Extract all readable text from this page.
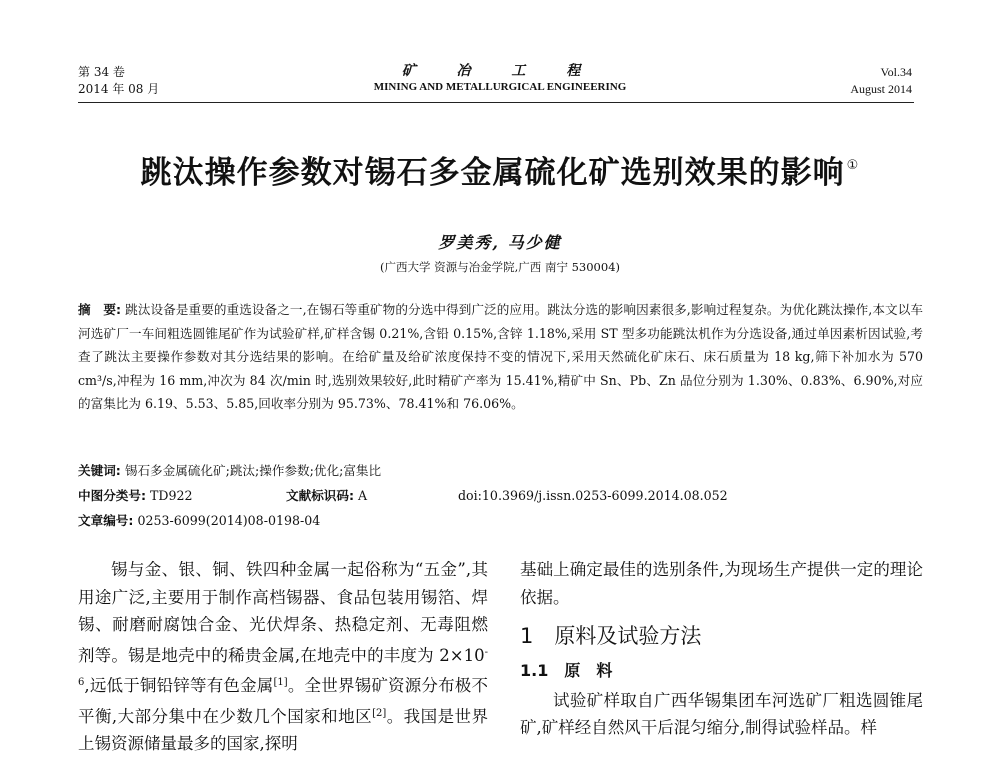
第 34 卷
2014 年 08 月
矿 冶 工 程
MINING AND METALLURGICAL ENGINEERING
Vol.34
August 2014
跳汰操作参数对锡石多金属硫化矿选别效果的影响 ①
罗美秀, 马少健
(广西大学 资源与冶金学院,广西 南宁 530004)
摘　要: 跳汰设备是重要的重选设备之一,在锡石等重矿物的分选中得到广泛的应用。跳汰分选的影响因素很多,影响过程复杂。为优化跳汰操作,本文以车河选矿厂一车间粗选圆锥尾矿作为试验矿样,矿样含锡 0.21%,含铅 0.15%,含锌 1.18%,采用 ST 型多功能跳汰机作为分选设备,通过单因素析因试验,考查了跳汰主要操作参数对其分选结果的影响。在给矿量及给矿浓度保持不变的情况下,采用天然硫化矿床石、床石质量为 18 kg,筛下补加水为 570 cm³/s,冲程为 16 mm,冲次为 84 次/min 时,选别效果较好,此时精矿产率为 15.41%,精矿中 Sn、Pb、Zn 品位分别为 1.30%、0.83%、6.90%,对应的富集比为 6.19、5.53、5.85,回收率分别为 95.73%、78.41%和 76.06%。
关键词: 锡石多金属硫化矿;跳汰;操作参数;优化;富集比
中图分类号: TD922	文献标识码: A	doi:10.3969/j.issn.0253-6099.2014.08.052
文章编号: 0253-6099(2014)08-0198-04

锡与金、银、铜、铁四种金属一起俗称为“五金”,其用途广泛,主要用于制作高档锡器、食品包装用锡箔、焊锡、耐磨耐腐蚀合金、光伏焊条、热稳定剂、无毒阻燃剂等。锡是地壳中的稀贵金属,在地壳中的丰度为 2×10$^{-6}$,远低于铜铅锌等有色金属[1]。全世界锡矿资源分布极不平衡,大部分集中在少数几个国家和地区[2]。我国是世界上锡资源储量最多的国家,探明

基础上确定最佳的选别条件,为现场生产提供一定的理论依据。

1  原料及试验方法
1.1  原　料

试验矿样取自广西华锡集团车河选矿厂粗选圆锥尾矿,矿样经自然风干后混匀缩分,制得试验样品。样
